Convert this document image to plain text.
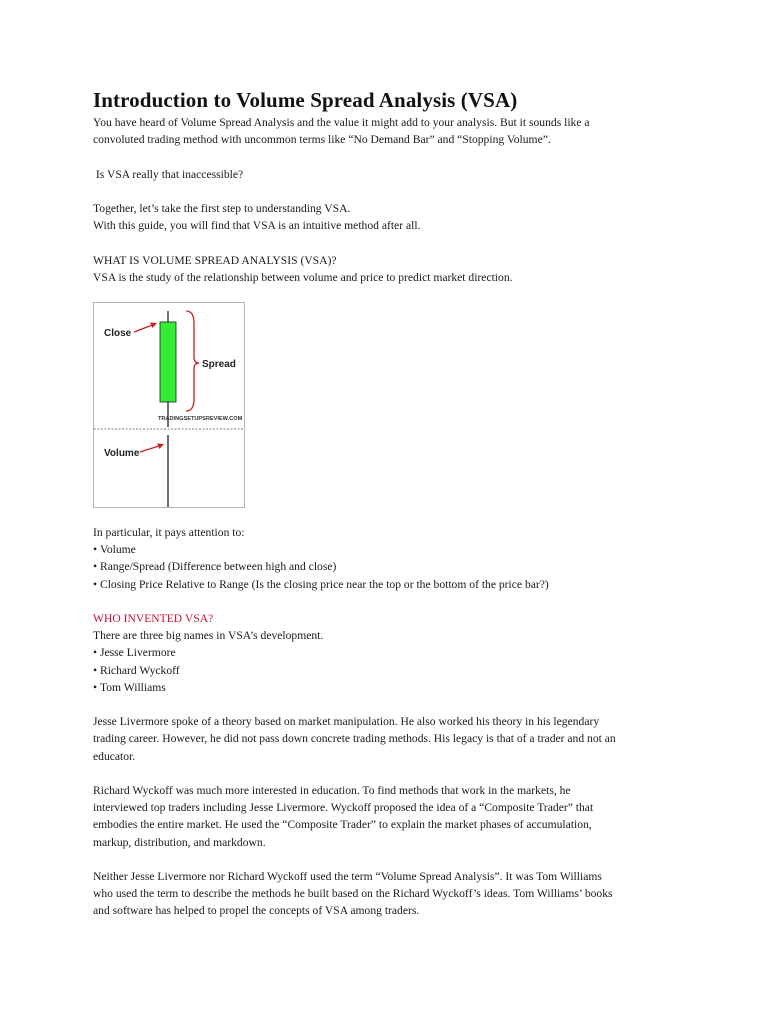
Introduction to Volume Spread Analysis (VSA)

You have heard of Volume Spread Analysis and the value it might add to your analysis. But it sounds like a

convoluted trading method with uncommon terms like “No Demand Bar” and “Stopping Volume”.

Is VSA really that inaccessible?

Together, let’s take the first step to understanding VSA.

With this guide, you will find that VSA is an intuitive method after all.

WHAT IS VOLUME SPREAD ANALYSIS (VSA)?

VSA is the study of the relationship between volume and price to predict market direction.

Close
Spread
TRADINGSETUPSREVIEW.COM
Volume

In particular, it pays attention to:

• Volume
• Range/Spread (Difference between high and close)
• Closing Price Relative to Range (Is the closing price near the top or the bottom of the price bar?)
WHO INVENTED VSA?

There are three big names in VSA’s development.

• Jesse Livermore
• Richard Wyckoff
• Tom Williams

Jesse Livermore spoke of a theory based on market manipulation. He also worked his theory in his legendary

trading career. However, he did not pass down concrete trading methods. His legacy is that of a trader and not an

educator.

Richard Wyckoff was much more interested in education. To find methods that work in the markets, he

interviewed top traders including Jesse Livermore. Wyckoff proposed the idea of a “Composite Trader” that

embodies the entire market. He used the “Composite Trader” to explain the market phases of accumulation,

markup, distribution, and markdown.

Neither Jesse Livermore nor Richard Wyckoff used the term “Volume Spread Analysis”. It was Tom Williams

who used the term to describe the methods he built based on the Richard Wyckoff’s ideas. Tom Williams’ books

and software has helped to propel the concepts of VSA among traders.
